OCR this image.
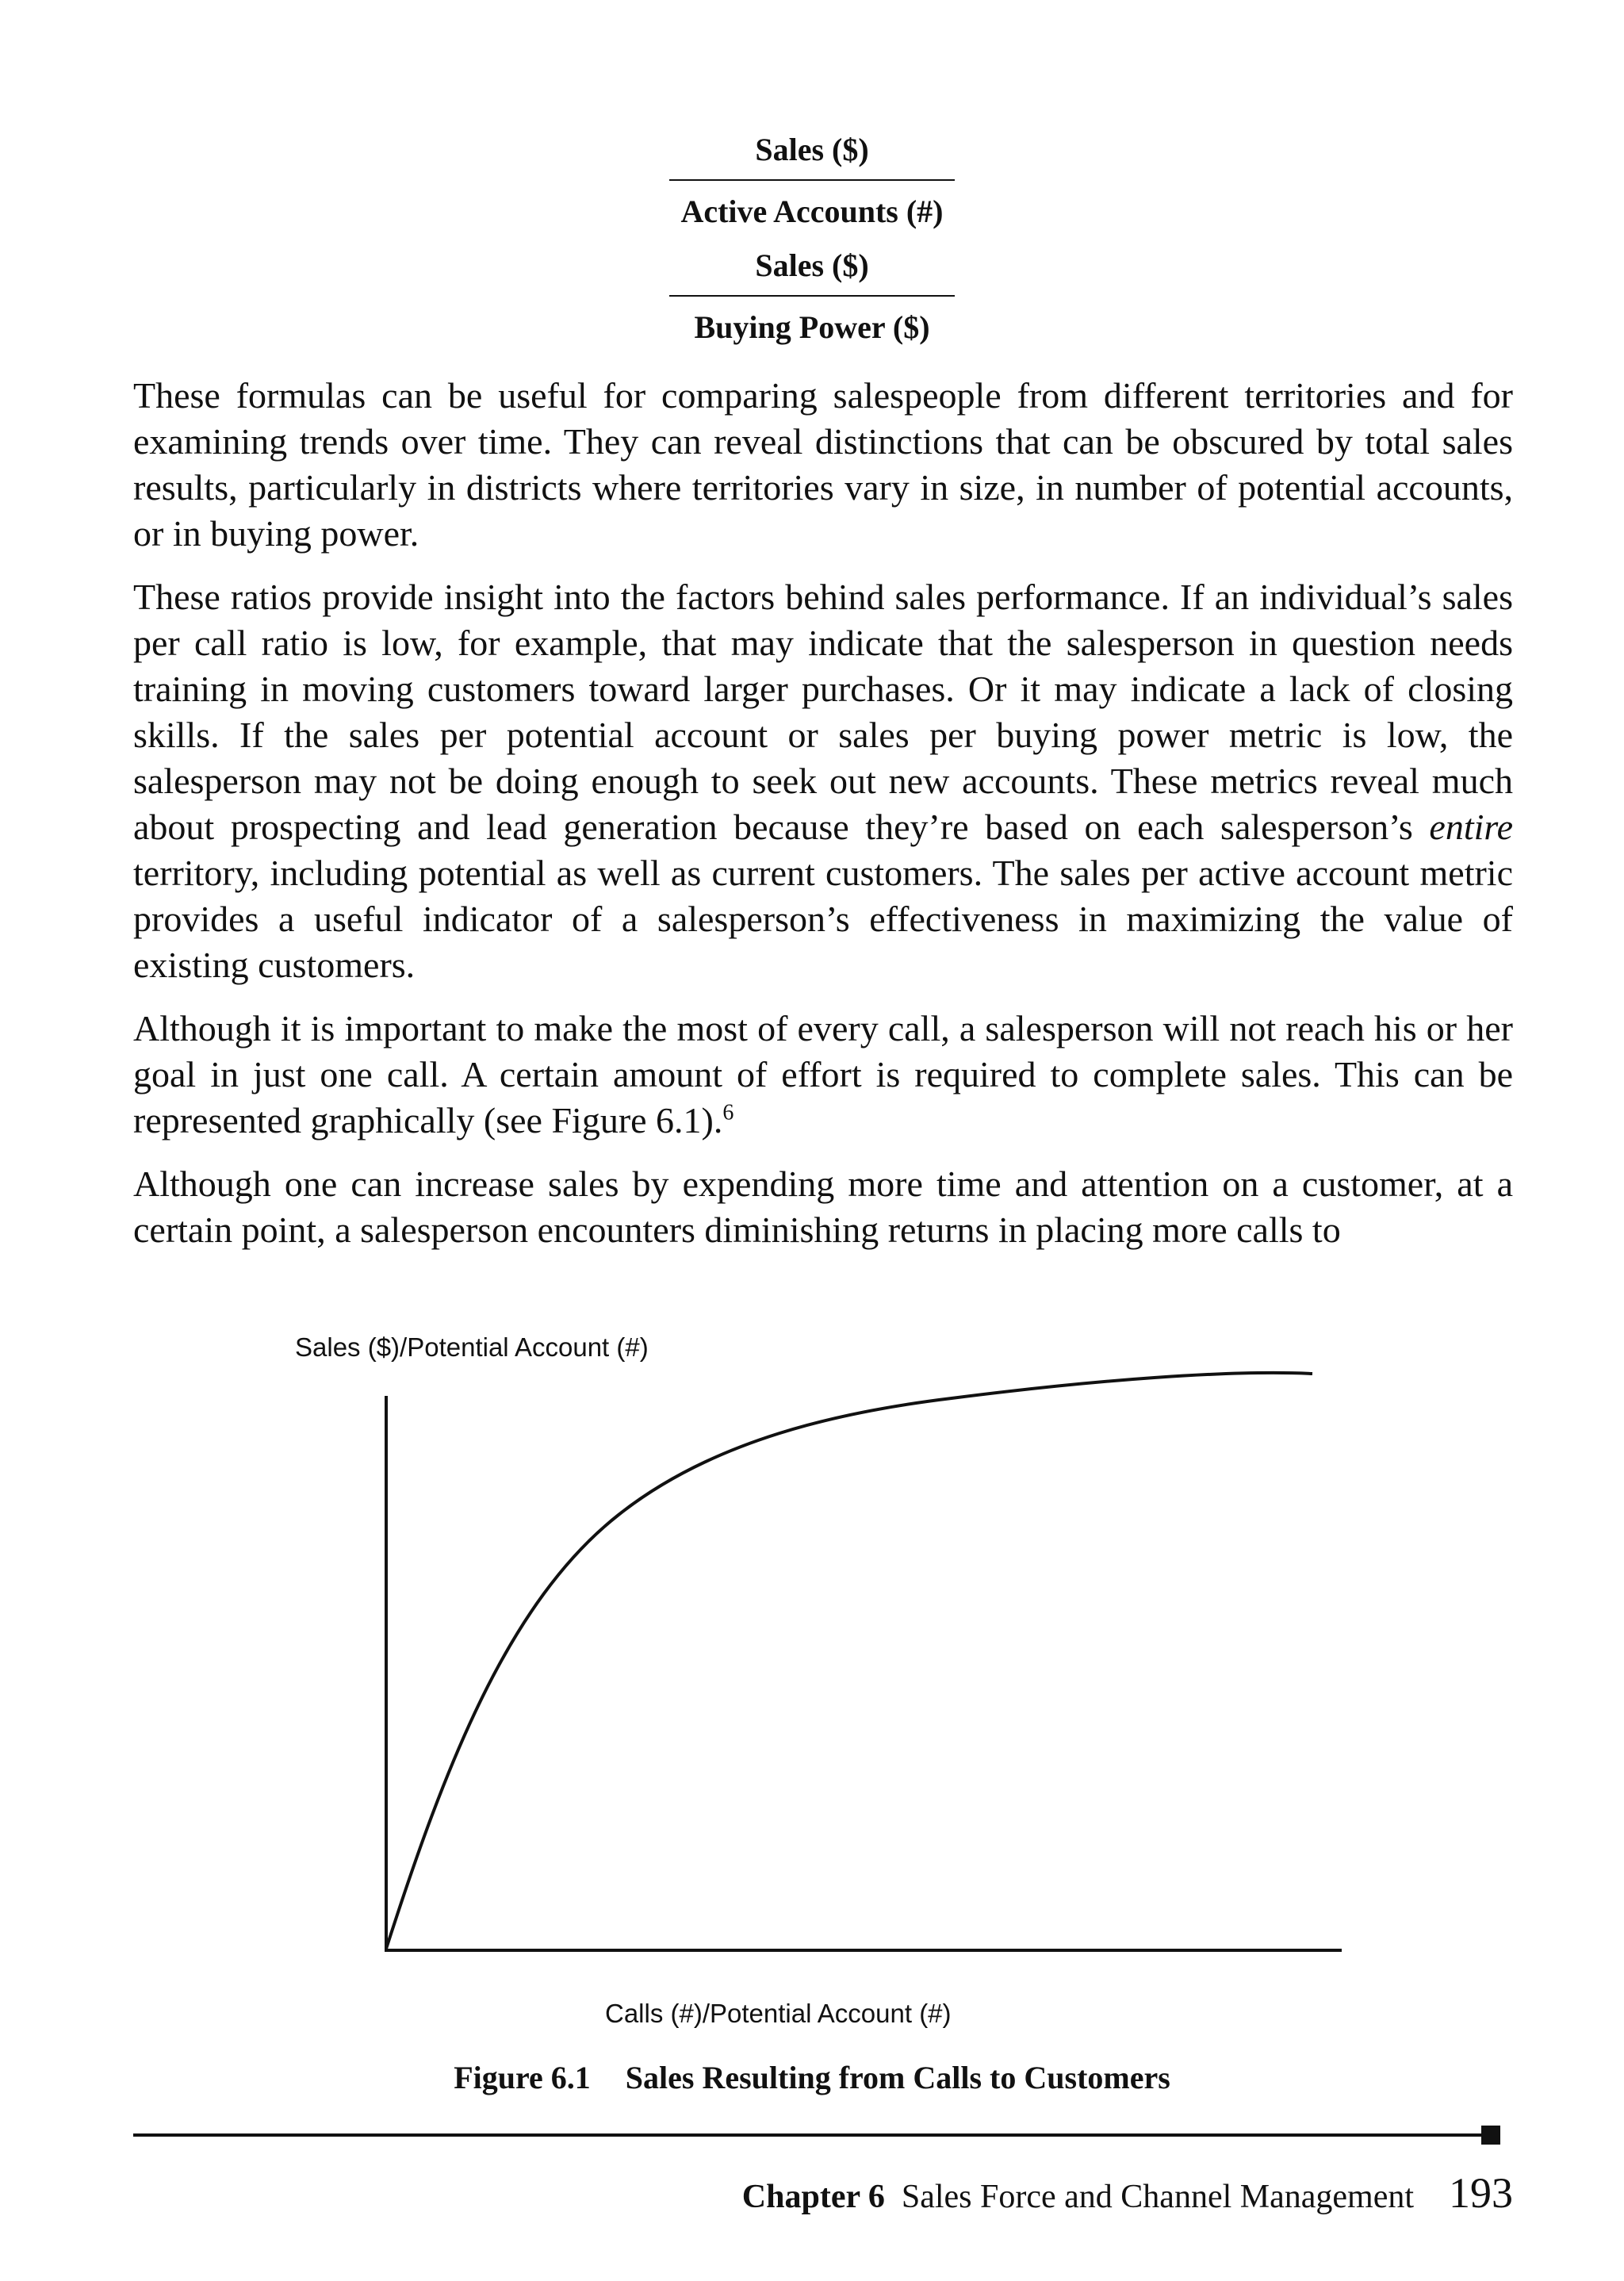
Sales ($)
Active Accounts (#)
Sales ($)
Buying Power ($)

These formulas can be useful for comparing salespeople from different territories and for examining trends over time. They can reveal distinctions that can be obscured by total sales results, particularly in districts where territories vary in size, in number of potential accounts, or in buying power.

These ratios provide insight into the factors behind sales performance. If an individual’s sales per call ratio is low, for example, that may indicate that the salesperson in question needs training in moving customers toward larger purchases. Or it may indicate a lack of closing skills. If the sales per potential account or sales per buying power metric is low, the salesperson may not be doing enough to seek out new accounts. These metrics reveal much about prospecting and lead generation because they’re based on each salesperson’s entire territory, including potential as well as current customers. The sales per active account metric provides a useful indicator of a salesperson’s effectiveness in maximizing the value of existing customers.

Although it is important to make the most of every call, a salesperson will not reach his or her goal in just one call. A certain amount of effort is required to complete sales. This can be represented graphically (see Figure 6.1).$^6$

Although one can increase sales by expending more time and attention on a customer, at a certain point, a salesperson encounters diminishing returns in placing more calls to

Sales ($)/Potential Account (#)
Calls (#)/Potential Account (#)
Figure 6.1 Sales Resulting from Calls to Customers
Chapter 6 Sales Force and Channel Management 193
